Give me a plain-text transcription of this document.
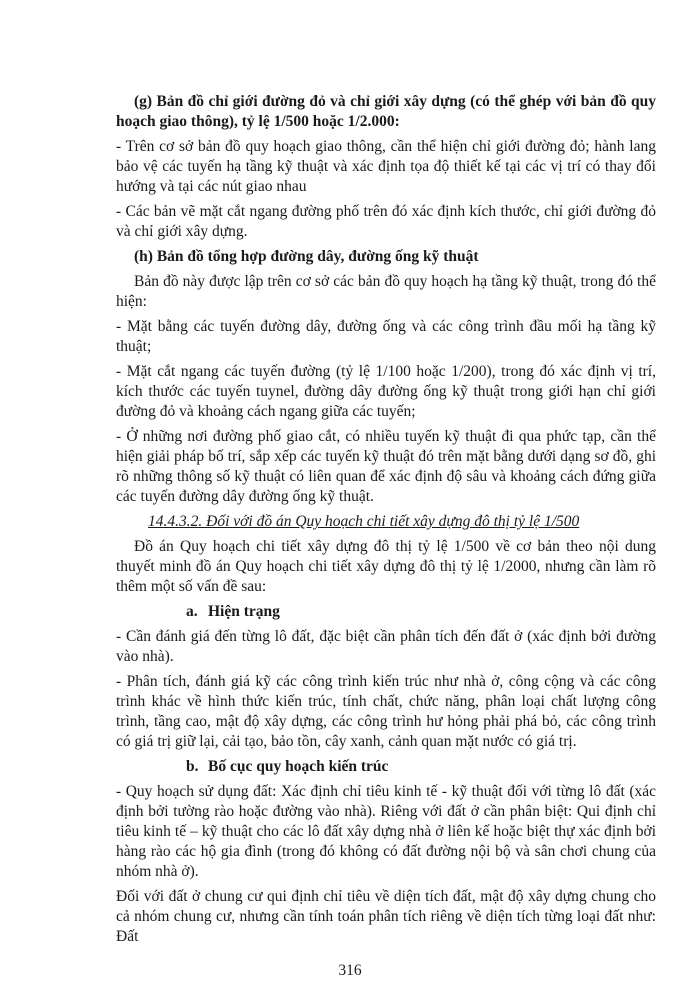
(g) Bản đồ chỉ giới đường đỏ và chỉ giới xây dựng (có thể ghép với bản đồ quy hoạch giao thông), tỷ lệ 1/500 hoặc 1/2.000:

- Trên cơ sở bản đồ quy hoạch giao thông, cần thể hiện chỉ giới đường đỏ; hành lang bảo vệ các tuyến hạ tầng kỹ thuật và xác định tọa độ thiết kế tại các vị trí có thay đổi hướng và tại các nút giao nhau

- Các bản vẽ mặt cắt ngang đường phố trên đó xác định kích thước, chỉ giới đường đỏ và chỉ giới xây dựng.

(h) Bản đồ tổng hợp đường dây, đường ống kỹ thuật

Bản đồ này được lập trên cơ sở các bản đồ quy hoạch hạ tầng kỹ thuật, trong đó thể hiện:

- Mặt bằng các tuyến đường dây, đường ống và các công trình đầu mối hạ tầng kỹ thuật;

- Mặt cắt ngang các tuyến đường (tỷ lệ 1/100 hoặc 1/200), trong đó xác định vị trí, kích thước các tuyến tuynel, đường dây đường ống kỹ thuật trong giới hạn chỉ giới đường đỏ và khoảng cách ngang giữa các tuyến;

- Ở những nơi đường phố giao cắt, có nhiều tuyến kỹ thuật đi qua phức tạp, cần thể hiện giải pháp bố trí, sắp xếp các tuyến kỹ thuật đó trên mặt bằng dưới dạng sơ đồ, ghi rõ những thông số kỹ thuật có liên quan để xác định độ sâu và khoảng cách đứng giữa các tuyến đường dây đường ống kỹ thuật.

14.4.3.2. Đối với đồ án Quy hoạch chi tiết xây dựng đô thị tỷ lệ 1/500

Đồ án Quy hoạch chi tiết xây dựng đô thị tỷ lệ 1/500 về cơ bản theo nội dung thuyết minh đồ án Quy hoạch chi tiết xây dựng đô thị tỷ lệ 1/2000, nhưng cần làm rõ thêm một số vấn đề sau:

a. Hiện trạng

- Cần đánh giá đến từng lô đất, đặc biệt cần phân tích đến đất ở (xác định bởi đường vào nhà).

- Phân tích, đánh giá kỹ các công trình kiến trúc như nhà ở, công cộng và các công trình khác về hình thức kiến trúc, tính chất, chức năng, phân loại chất lượng công trình, tầng cao, mật độ xây dựng, các công trình hư hỏng phải phá bỏ, các công trình có giá trị giữ lại, cải tạo, bảo tồn, cây xanh, cảnh quan mặt nước có giá trị.

b. Bố cục quy hoạch kiến trúc

- Quy hoạch sử dụng đất: Xác định chỉ tiêu kinh tế - kỹ thuật đối với từng lô đất (xác định bởi tường rào hoặc đường vào nhà). Riêng với đất ở cần phân biệt: Qui định chỉ tiêu kinh tế – kỹ thuật cho các lô đất xây dựng nhà ở liên kế hoặc biệt thự xác định bởi hàng rào các hộ gia đình (trong đó không có đất đường nội bộ và sân chơi chung của nhóm nhà ở).

Đối với đất ở chung cư qui định chỉ tiêu về diện tích đất, mật độ xây dựng chung cho cả nhóm chung cư, nhưng cần tính toán phân tích riêng về diện tích từng loại đất như: Đất

316
